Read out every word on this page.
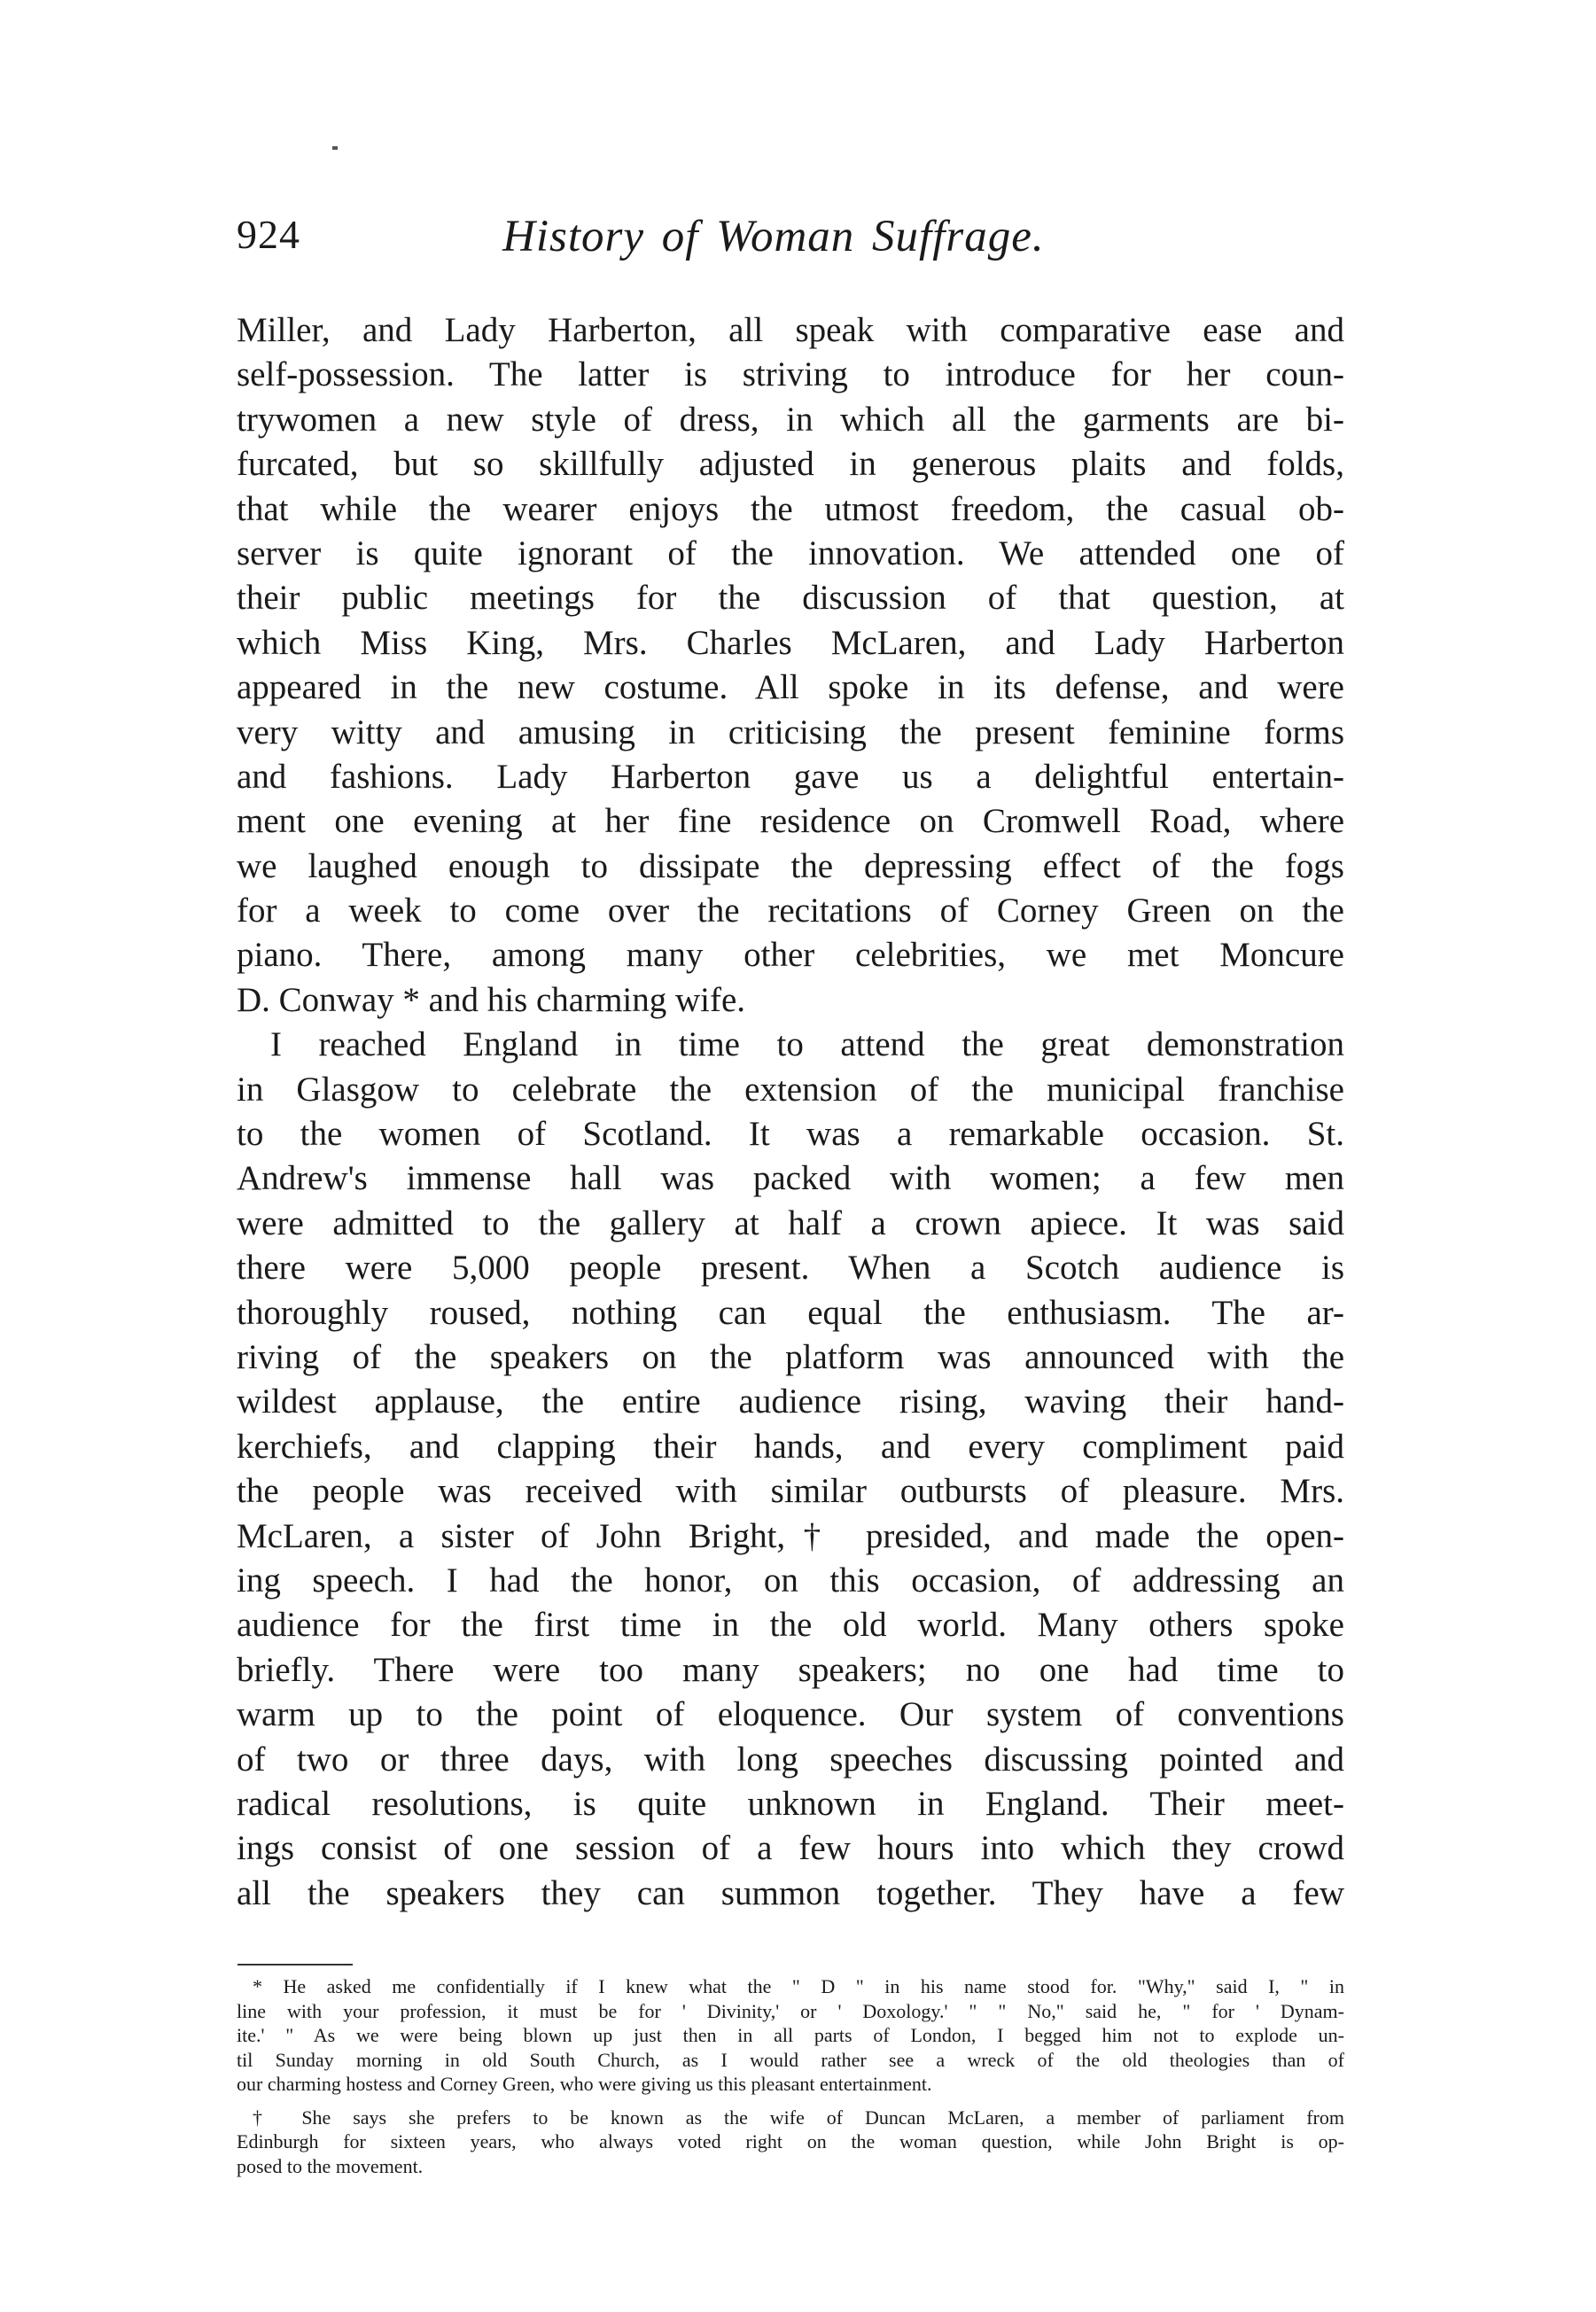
924	History of Woman Suffrage.
Miller, and Lady Harberton, all speak with comparative ease and
self-possession. The latter is striving to introduce for her coun-
trywomen a new style of dress, in which all the garments are bi-
furcated, but so skillfully adjusted in generous plaits and folds,
that while the wearer enjoys the utmost freedom, the casual ob-
server is quite ignorant of the innovation. We attended one of
their public meetings for the discussion of that question, at
which Miss King, Mrs. Charles McLaren, and Lady Harberton
appeared in the new costume. All spoke in its defense, and were
very witty and amusing in criticising the present feminine forms
and fashions. Lady Harberton gave us a delightful entertain-
ment one evening at her fine residence on Cromwell Road, where
we laughed enough to dissipate the depressing effect of the fogs
for a week to come over the recitations of Corney Green on the
piano. There, among many other celebrities, we met Moncure
D. Conway * and his charming wife.
I reached England in time to attend the great demonstration
in Glasgow to celebrate the extension of the municipal franchise
to the women of Scotland. It was a remarkable occasion. St.
Andrew's immense hall was packed with women; a few men
were admitted to the gallery at half a crown apiece. It was said
there were 5,000 people present. When a Scotch audience is
thoroughly roused, nothing can equal the enthusiasm. The ar-
riving of the speakers on the platform was announced with the
wildest applause, the entire audience rising, waving their hand-
kerchiefs, and clapping their hands, and every compliment paid
the people was received with similar outbursts of pleasure. Mrs.
McLaren, a sister of John Bright,† presided, and made the open-
ing speech. I had the honor, on this occasion, of addressing an
audience for the first time in the old world. Many others spoke
briefly. There were too many speakers; no one had time to
warm up to the point of eloquence. Our system of conventions
of two or three days, with long speeches discussing pointed and
radical resolutions, is quite unknown in England. Their meet-
ings consist of one session of a few hours into which they crowd
all the speakers they can summon together. They have a few
* He asked me confidentially if I knew what the " D " in his name stood for. "Why," said I, " in
line with your profession, it must be for ' Divinity,' or ' Doxology.' " " No," said he, " for ' Dynam-
ite.' " As we were being blown up just then in all parts of London, I begged him not to explode un-
til Sunday morning in old South Church, as I would rather see a wreck of the old theologies than of
our charming hostess and Corney Green, who were giving us this pleasant entertainment.
† She says she prefers to be known as the wife of Duncan McLaren, a member of parliament from
Edinburgh for sixteen years, who always voted right on the woman question, while John Bright is op-
posed to the movement.
